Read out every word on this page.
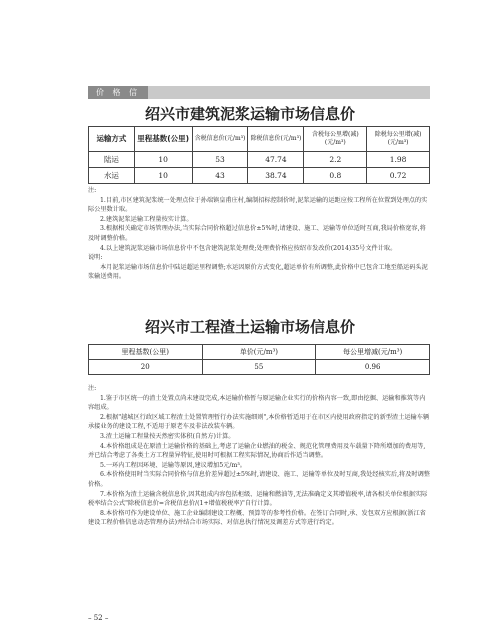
价 格 信 息	绍兴市建筑泥浆运输市场信息价
运输方式	里程基数(公里)	含税信息价(元/m³)	除税信息价(元/m³)	含税每公里增(减)(元/m³)	除税每公里增(减)(元/m³)
陆运	10	53	47.74	2.2	1.98
水运	10	43	38.74	0.8	0.72

注:

1.目前,市区建筑泥浆统一处理点位于孙端镇皇甫庄村,编制招标控制价时,泥浆运输的运距应按工程所在位置到处理点的实际公里数计取。

2.建筑泥浆运输工程量按实计算。

3.根据相关确定市场管理办法,当实际合同价格超过信息价±5%时,请建设、施工、运输等单位适时互商,我局价格宽容,将及时调整价格。

4.以上建筑泥浆运输市场信息价中不包含建筑泥浆处理费;处理费价格应按绍市发改价(2014)35号文件计取。

说明:

本月泥浆运输市场信息价中陆运超运里程调整;水运因原价方式变化,超运单价有所调整,此价格中已包含工地至船运码头泥浆输送费用。

绍兴市工程渣土运输市场信息价
里程基数(公里)	单价(元/m³)	每公里增减(元/m³)
20	55	0.96

注:

1.鉴于市区统一的渣土处置点尚未建设完成,本运输价格暂与原运输企业实行的价格内容一致,即由挖掘、运输和推筑等内容组成。

2.根据"越城区行政区域工程渣土处置管理暂行办法实施细则",本价格暂适用于在市区内使用政府指定的新型渣土运输车辆承接业务的建设工程,不适用于原老车及非法改装车辆。

3.渣土运输工程量按天然密实体积(自然方)计算。

4.本价格组成是在原渣土运输价格的基础上,考虑了运输企业燃油的税金、规范化管理费用及车载量下降所增加的费用等,并已结合考虑了各类土方工程量异特征,使用时可根据工程实际情况,协商后作适当调整。

5.一环内工程因环境、运输等原因,建议增加5元/m³。

6.本价格使用时当实际合同价格与信息价差异超过±5%时,请建设、施工、运输等单位及时互商,我处经核实后,将及时调整价格。

7.本价格为渣土运输含税信息价,因其组成内容包括柜级、运输和燃油等,无法准确定义其增值税率,请各相关单位根据实际税率结合公式"除税信息价=含税信息价/(1+增值税税率)"自行计算。

8.本价格可作为建设单位、施工企业编制建设工程概、预算等的参考性价格。在签订合同时,承、发包双方应根据(浙江省建设工程价格信息动态管理办法)并结合市场实际、对信息执行情况及调差方式等进行约定。

– 52 –
